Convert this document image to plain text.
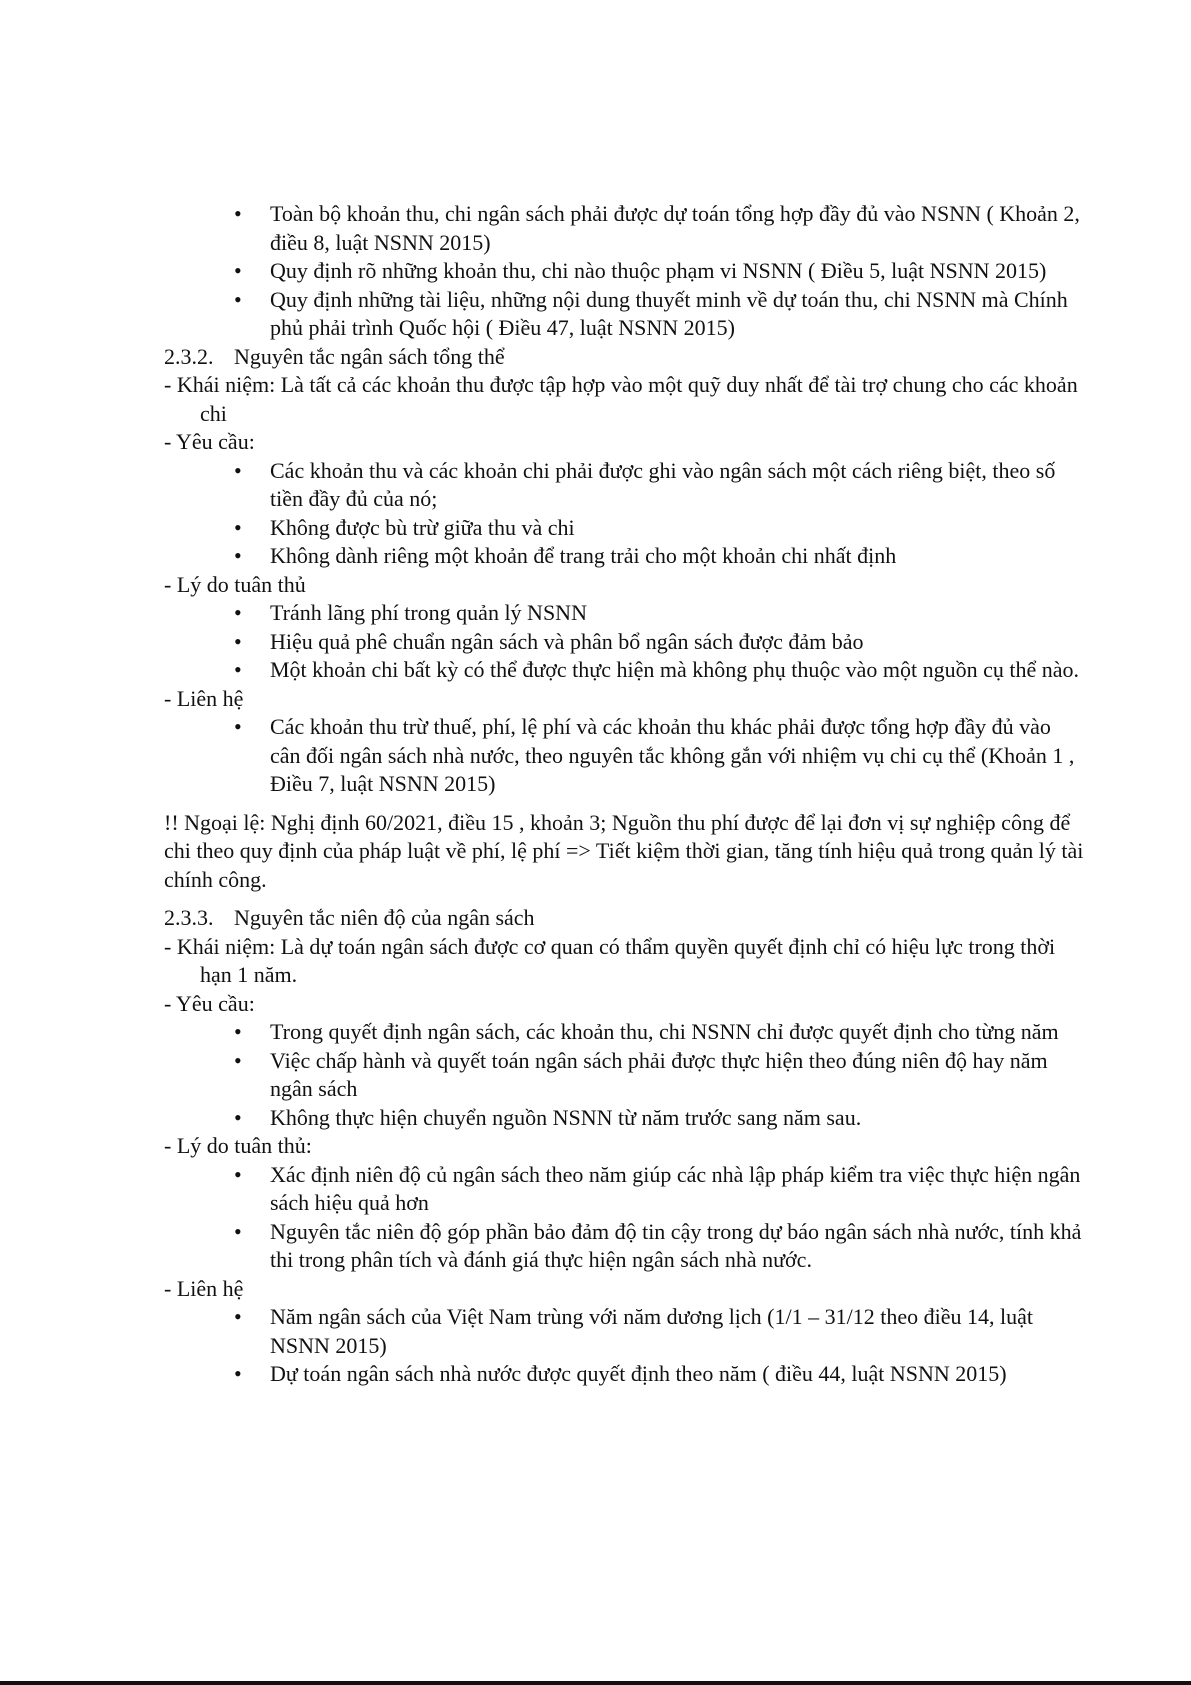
• Toàn bộ khoản thu, chi ngân sách phải được dự toán tổng hợp đầy đủ vào NSNN ( Khoản 2, điều 8, luật NSNN 2015)
• Quy định rõ những khoản thu, chi nào thuộc phạm vi NSNN ( Điều 5, luật NSNN 2015)
• Quy định những tài liệu, những nội dung thuyết minh về dự toán thu, chi NSNN mà Chính phủ phải trình Quốc hội ( Điều 47, luật NSNN 2015)
2.3.2. Nguyên tắc ngân sách tổng thể
- Khái niệm: Là tất cả các khoản thu được tập hợp vào một quỹ duy nhất để tài trợ chung cho các khoản chi
- Yêu cầu:
• Các khoản thu và các khoản chi phải được ghi vào ngân sách một cách riêng biệt, theo số tiền đầy đủ của nó;
• Không được bù trừ giữa thu và chi
• Không dành riêng một khoản để trang trải cho một khoản chi nhất định
- Lý do tuân thủ
• Tránh lãng phí trong quản lý NSNN
• Hiệu quả phê chuẩn ngân sách và phân bổ ngân sách được đảm bảo
• Một khoản chi bất kỳ có thể được thực hiện mà không phụ thuộc vào một nguồn cụ thể nào.
- Liên hệ
• Các khoản thu trừ thuế, phí, lệ phí và các khoản thu khác phải được tổng hợp đầy đủ vào cân đối ngân sách nhà nước, theo nguyên tắc không gắn với nhiệm vụ chi cụ thể (Khoản 1 , Điều 7, luật NSNN 2015)
!! Ngoại lệ: Nghị định 60/2021, điều 15 , khoản 3; Nguồn thu phí được để lại đơn vị sự nghiệp công để chi theo quy định của pháp luật về phí, lệ phí => Tiết kiệm thời gian, tăng tính hiệu quả trong quản lý tài chính công.
2.3.3. Nguyên tắc niên độ của ngân sách
- Khái niệm: Là dự toán ngân sách được cơ quan có thẩm quyền quyết định chỉ có hiệu lực trong thời hạn 1 năm.
- Yêu cầu:
• Trong quyết định ngân sách, các khoản thu, chi NSNN chỉ được quyết định cho từng năm
• Việc chấp hành và quyết toán ngân sách phải được thực hiện theo đúng niên độ hay năm ngân sách
• Không thực hiện chuyển nguồn NSNN từ năm trước sang năm sau.
- Lý do tuân thủ:
• Xác định niên độ củ ngân sách theo năm giúp các nhà lập pháp kiểm tra việc thực hiện ngân sách hiệu quả hơn
• Nguyên tắc niên độ góp phần bảo đảm độ tin cậy trong dự báo ngân sách nhà nước, tính khả thi trong phân tích và đánh giá thực hiện ngân sách nhà nước.
- Liên hệ
• Năm ngân sách của Việt Nam trùng với năm dương lịch (1/1 – 31/12 theo điều 14, luật NSNN 2015)
• Dự toán ngân sách nhà nước được quyết định theo năm ( điều 44, luật NSNN 2015)
